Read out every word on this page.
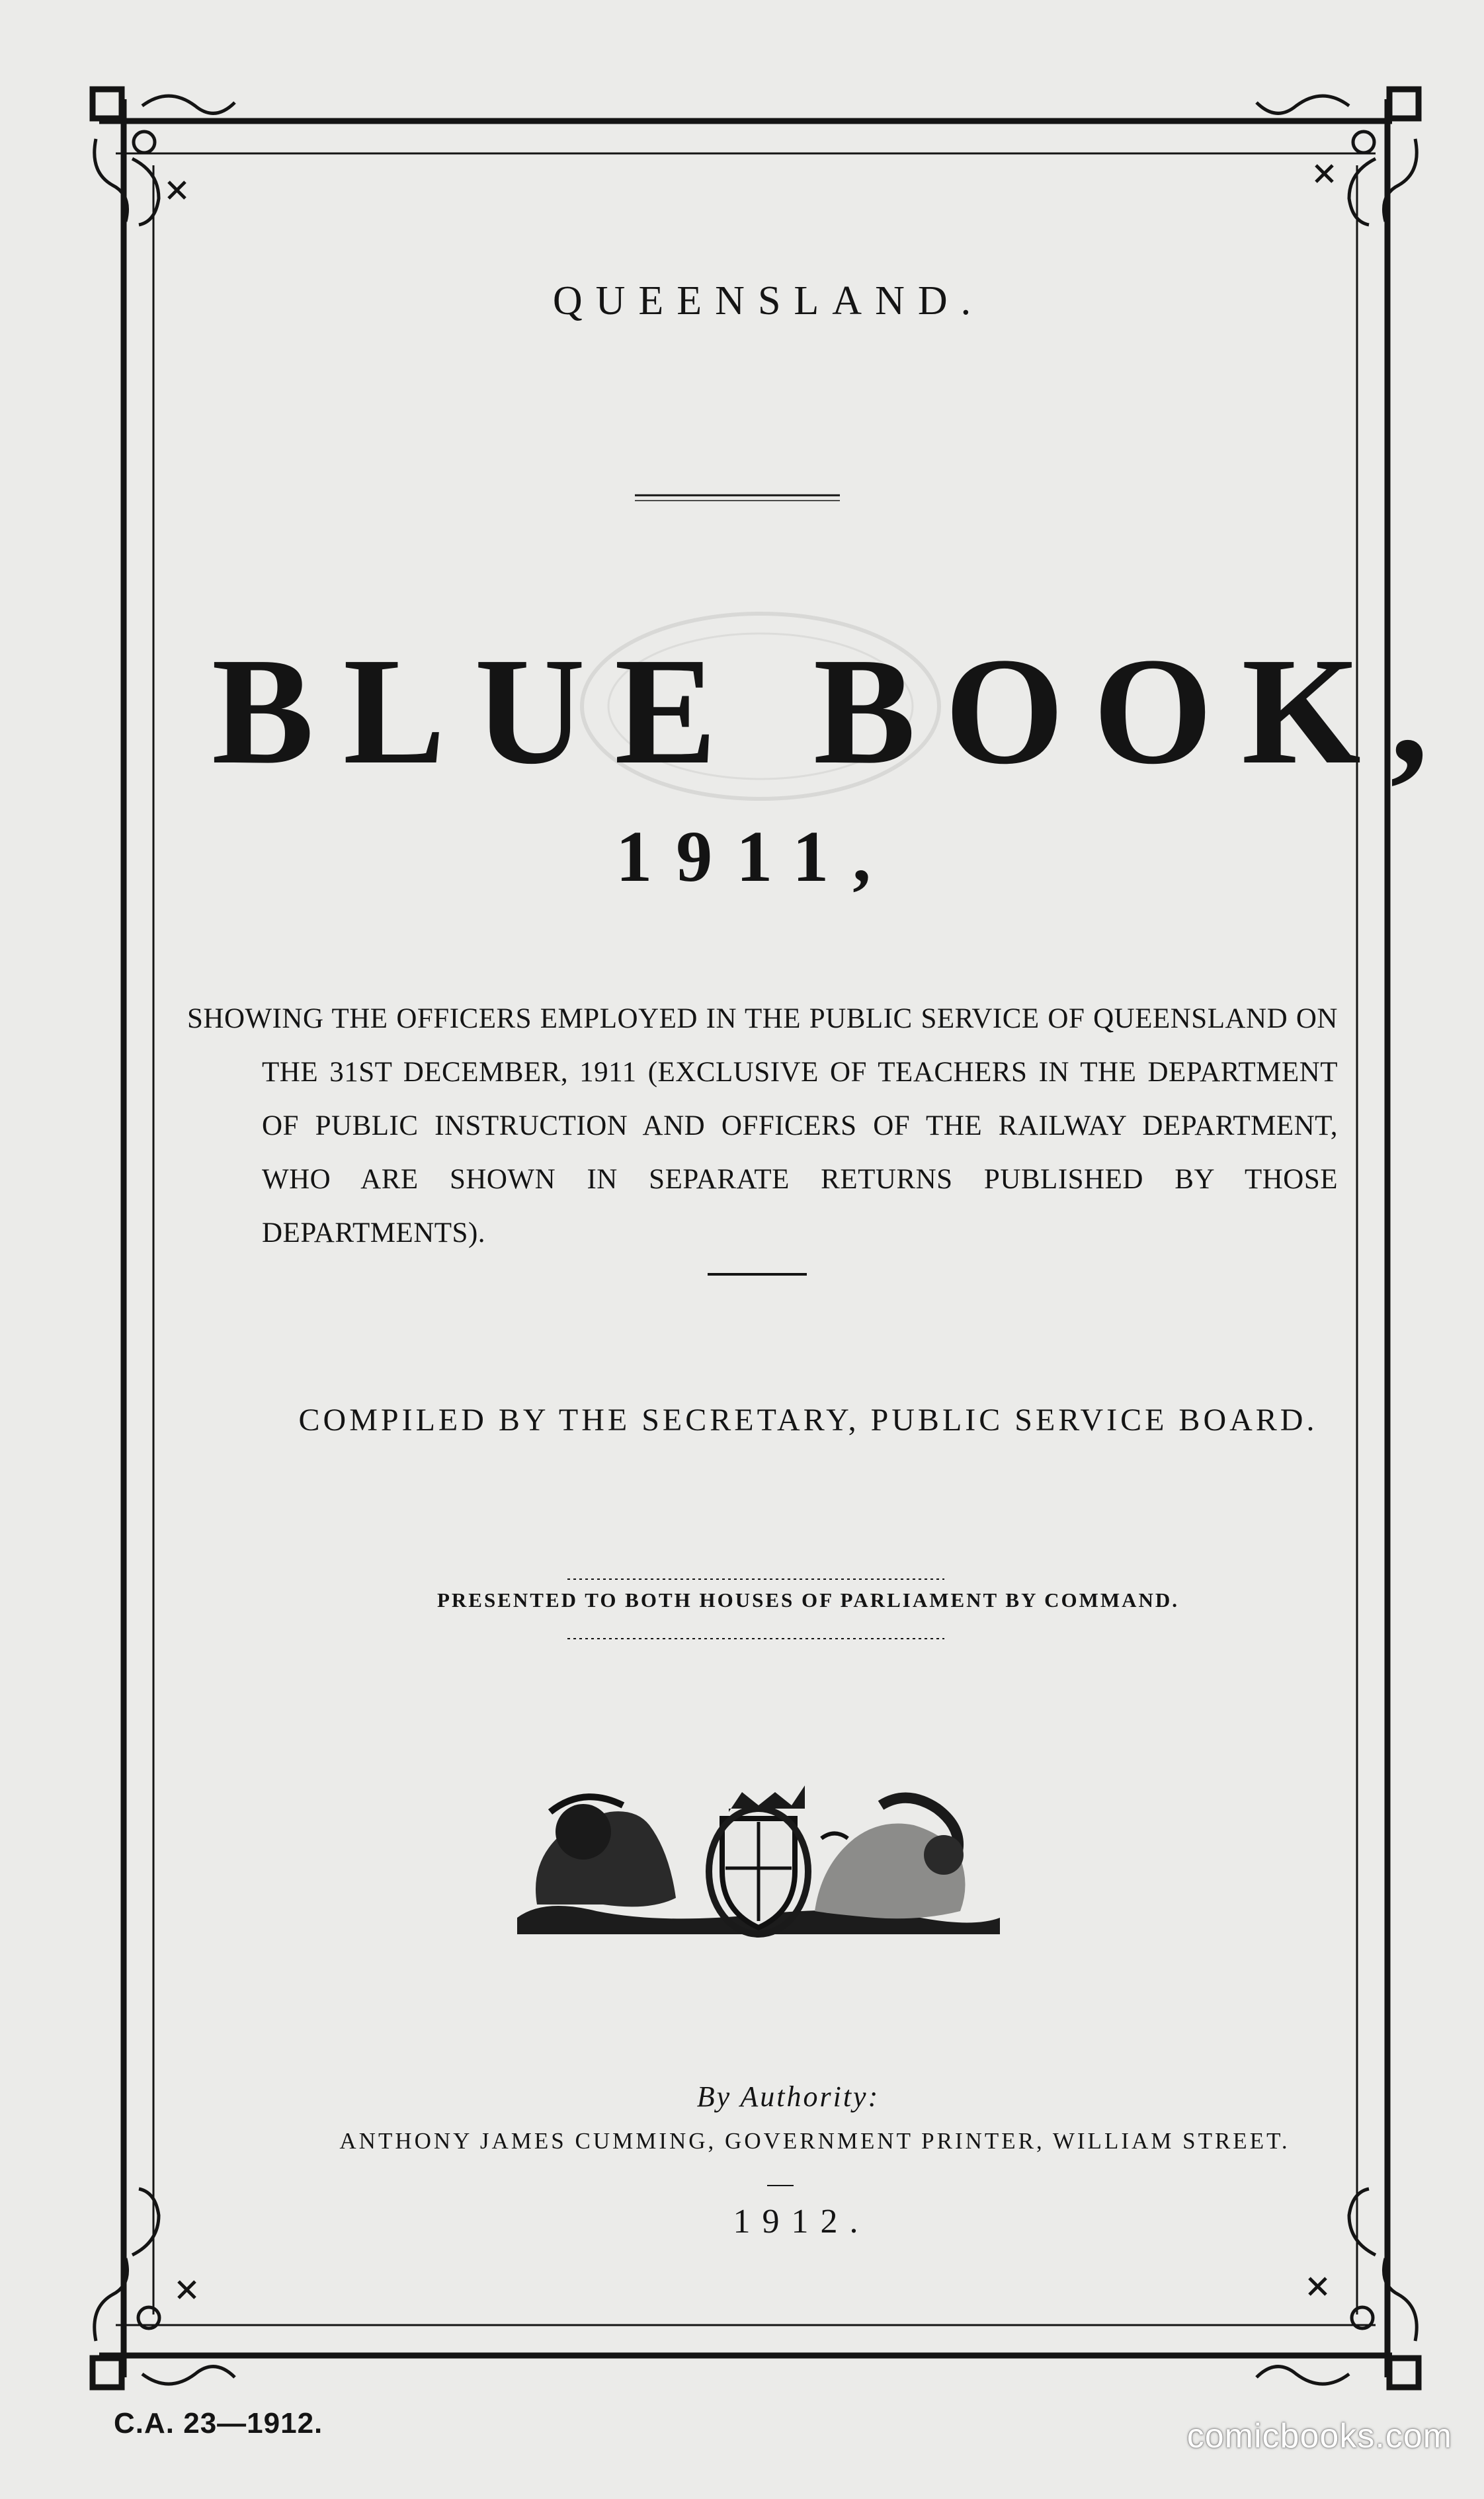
QUEENSLAND.
BLUE BOOK,
1911,
SHOWING THE OFFICERS EMPLOYED IN THE PUBLIC SERVICE OF QUEENSLAND ON THE 31ST DECEMBER, 1911 (EXCLUSIVE OF TEACHERS IN THE DEPARTMENT OF PUBLIC INSTRUCTION AND OFFICERS OF THE RAILWAY DEPARTMENT, WHO ARE SHOWN IN SEPARATE RETURNS PUBLISHED BY THOSE DEPARTMENTS).
COMPILED BY THE SECRETARY, PUBLIC SERVICE BOARD.
PRESENTED TO BOTH HOUSES OF PARLIAMENT BY COMMAND.
By Authority:
ANTHONY JAMES CUMMING, GOVERNMENT PRINTER, WILLIAM STREET.
1912.
C.A. 23—1912.	comicbooks.com
